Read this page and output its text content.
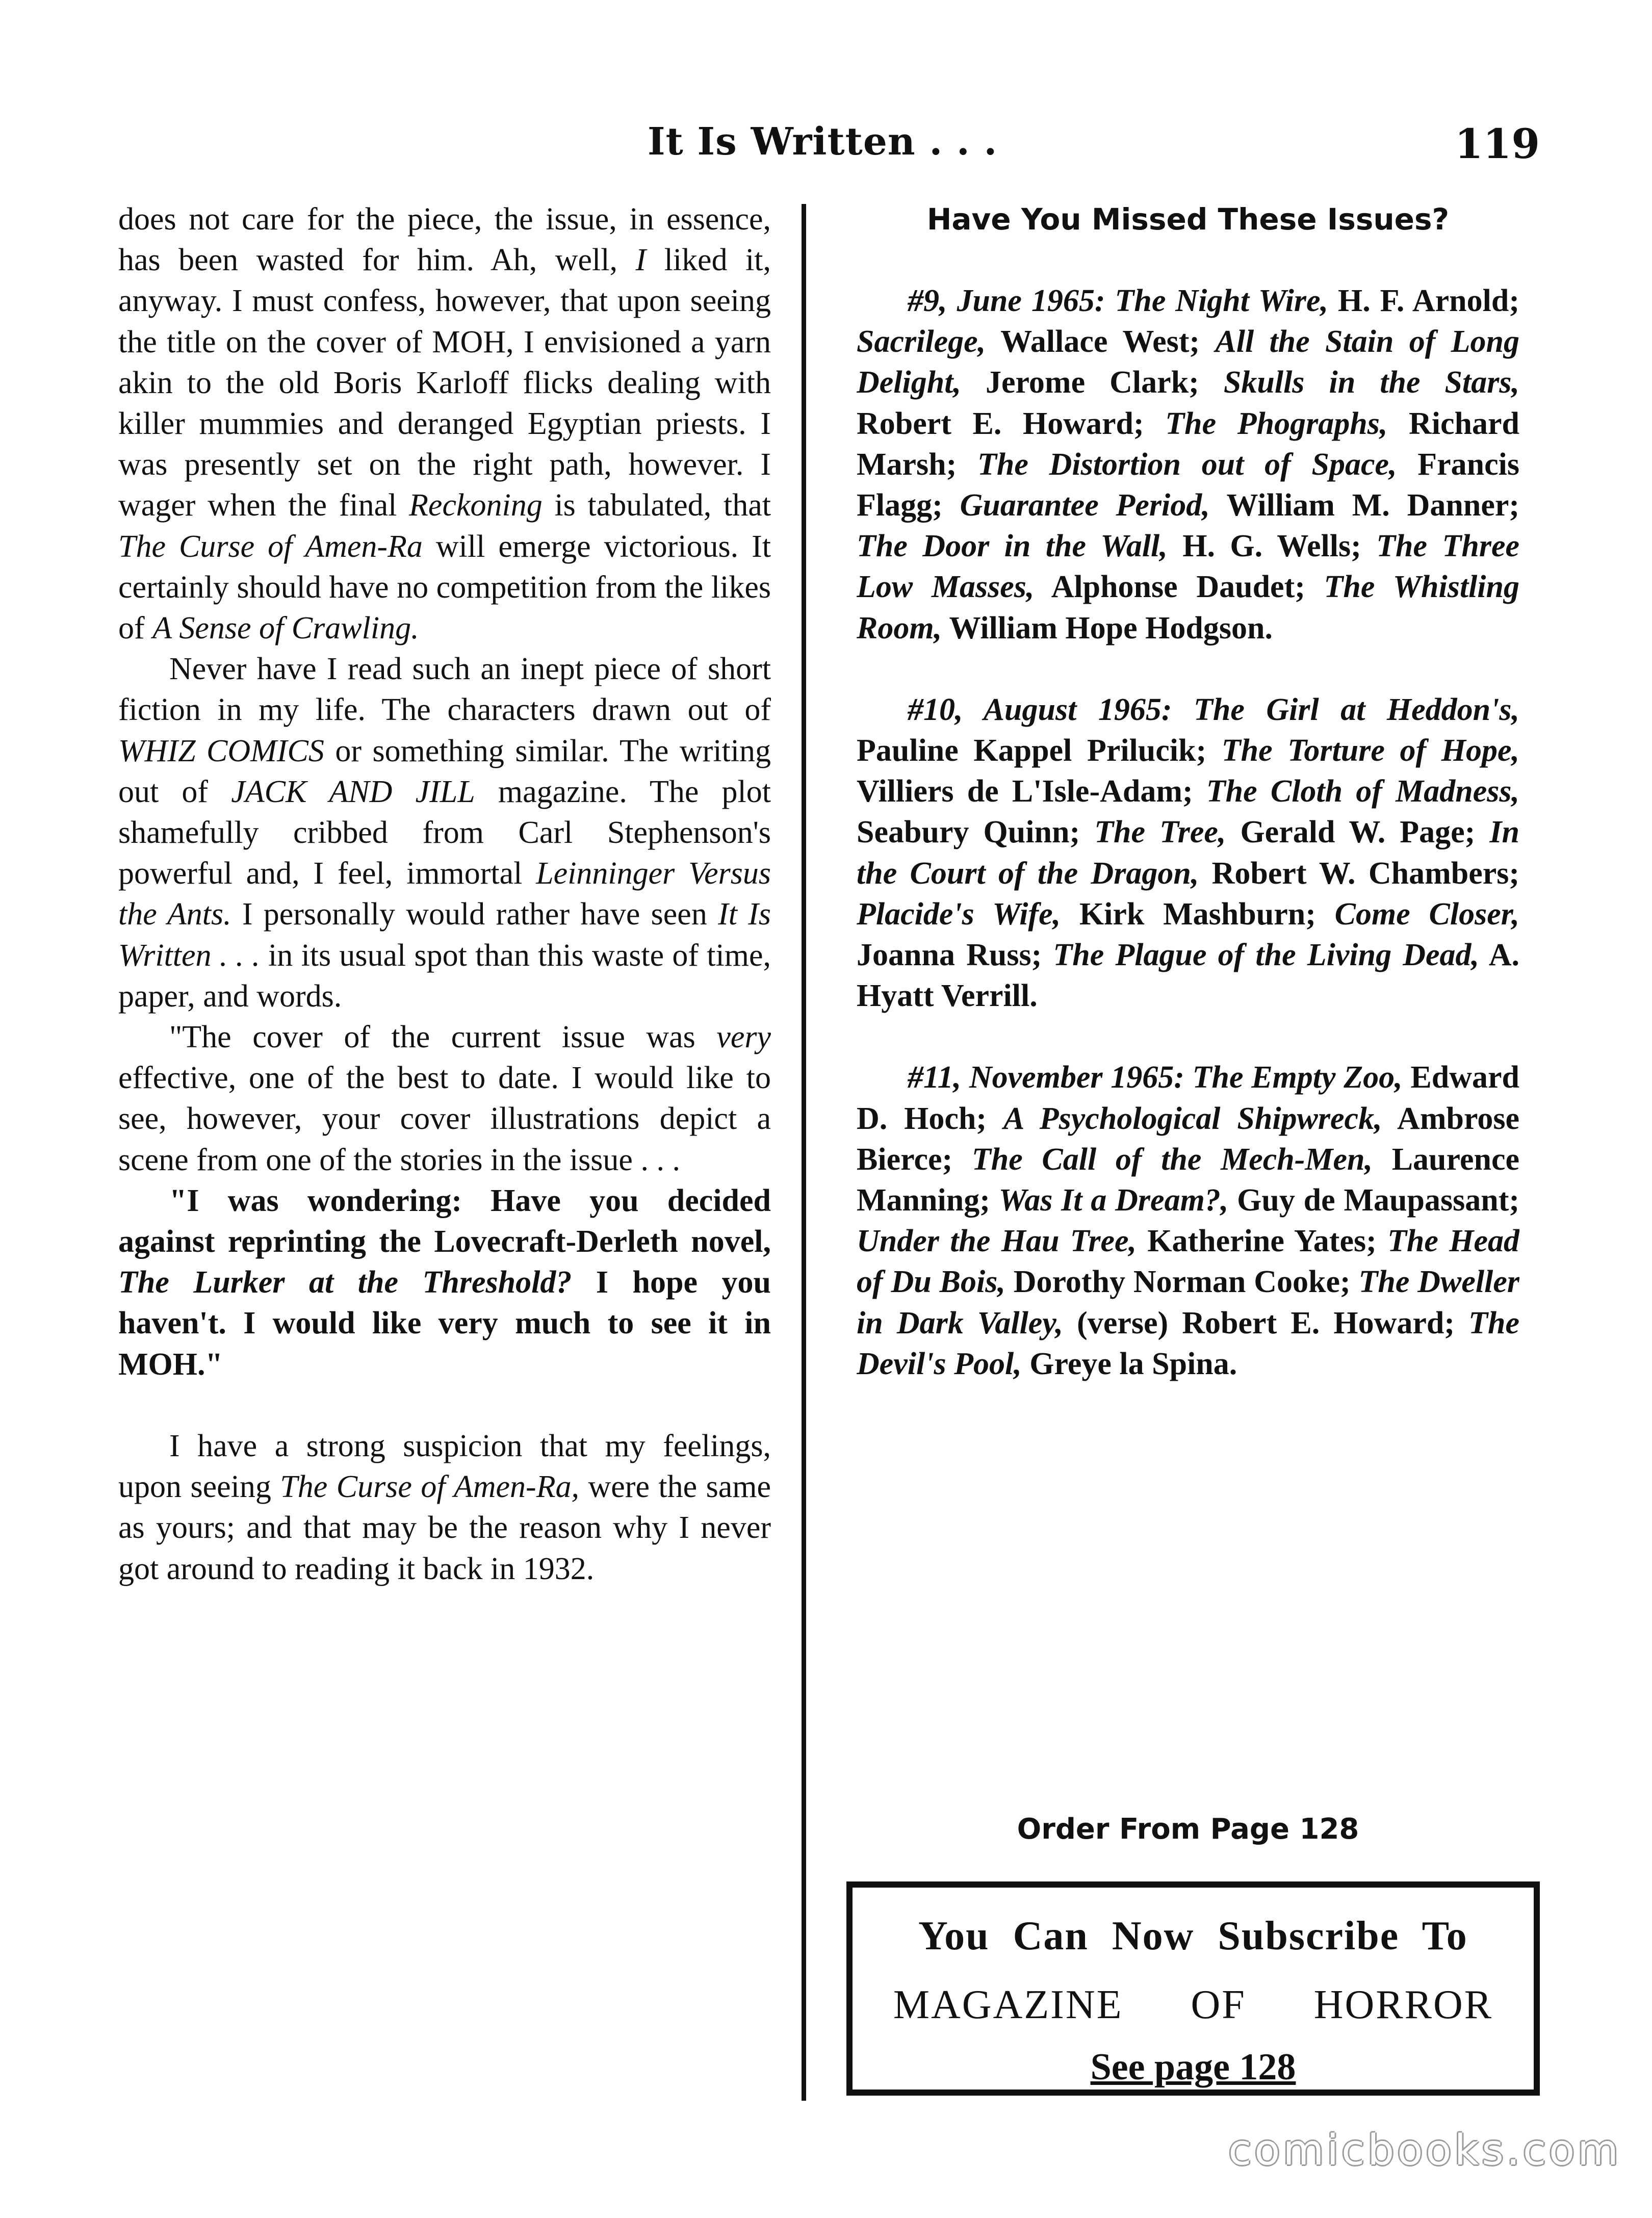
It Is Written . . .	119

does not care for the piece, the issue, in essence, has been wasted for him. Ah, well, I liked it, anyway. I must confess, however, that upon seeing the title on the cover of MOH, I envisioned a yarn akin to the old Boris Karloff flicks dealing with killer mummies and deranged Egyptian priests. I was presently set on the right path, however. I wager when the final Reckoning is tabulated, that The Curse of Amen-Ra will emerge victorious. It certainly should have no competition from the likes of A Sense of Crawling.

Never have I read such an inept piece of short fiction in my life. The characters drawn out of WHIZ COMICS or something similar. The writing out of JACK AND JILL magazine. The plot shamefully cribbed from Carl Stephenson's powerful and, I feel, immortal Leinninger Versus the Ants. I personally would rather have seen It Is Written . . . in its usual spot than this waste of time, paper, and words.

"The cover of the current issue was very effective, one of the best to date. I would like to see, however, your cover illustrations depict a scene from one of the stories in the issue . . .

"I was wondering: Have you decided against reprinting the Lovecraft-Derleth novel, The Lurker at the Threshold? I hope you haven't. I would like very much to see it in MOH."

I have a strong suspicion that my feelings, upon seeing The Curse of Amen-Ra, were the same as yours; and that may be the reason why I never got around to reading it back in 1932.

Have You Missed These Issues?

#9, June 1965: The Night Wire, H. F. Arnold; Sacrilege, Wallace West; All the Stain of Long Delight, Jerome Clark; Skulls in the Stars, Robert E. Howard; The Phographs, Richard Marsh; The Distortion out of Space, Francis Flagg; Guarantee Period, William M. Danner; The Door in the Wall, H. G. Wells; The Three Low Masses, Alphonse Daudet; The Whistling Room, William Hope Hodgson.

#10, August 1965: The Girl at Heddon's, Pauline Kappel Prilucik; The Torture of Hope, Villiers de L'Isle-Adam; The Cloth of Madness, Seabury Quinn; The Tree, Gerald W. Page; In the Court of the Dragon, Robert W. Chambers; Placide's Wife, Kirk Mashburn; Come Closer, Joanna Russ; The Plague of the Living Dead, A. Hyatt Verrill.

#11, November 1965: The Empty Zoo, Edward D. Hoch; A Psychological Shipwreck, Ambrose Bierce; The Call of the Mech-Men, Laurence Manning; Was It a Dream?, Guy de Maupassant; Under the Hau Tree, Katherine Yates; The Head of Du Bois, Dorothy Norman Cooke; The Dweller in Dark Valley, (verse) Robert E. Howard; The Devil's Pool, Greye la Spina.

Order From Page 128
You Can Now Subscribe To
MAGAZINE OF HORROR
See page 128
comicbooks.com
